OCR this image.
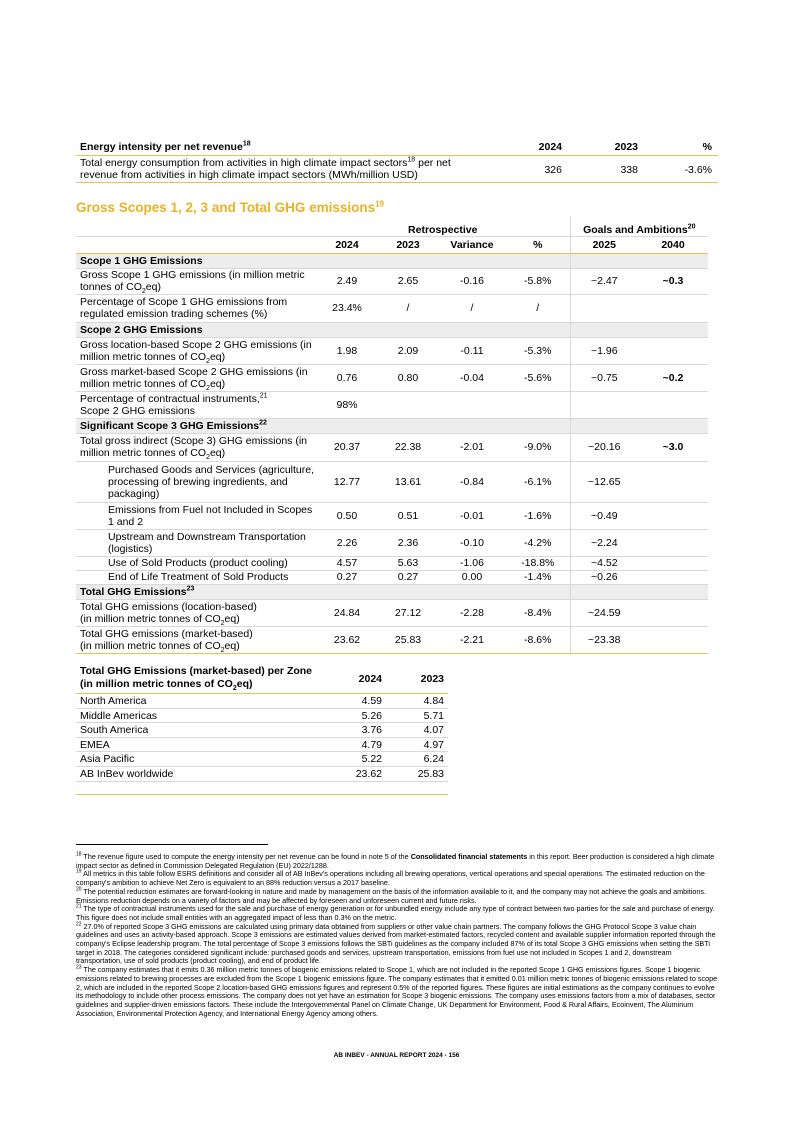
Energy intensity per net revenue$^{18}$	2024	2023	%
Total energy consumption from activities in high climate impact sectors$^{18}$ per net revenue from activities in high climate impact sectors (MWh/million USD)	326	338	-3.6%
Gross Scopes 1, 2, 3 and Total GHG emissions$^{19}$
	Retrospective				Goals and Ambitions$^{20}$
	2024	2023	Variance	%	2025	2040
Scope 1 GHG Emissions						
Gross Scope 1 GHG emissions (in million metric tonnes of $CO_2eq$)	2.49	2.65	-0.16	-5.8%	~2.47	~0.3
Percentage of Scope 1 GHG emissions from regulated emission trading schemes (%)	23.4%	/	/	/		
Scope 2 GHG Emissions						
Gross location-based Scope 2 GHG emissions (in million metric tonnes of $CO_2eq$)	1.98	2.09	-0.11	-5.3%	~1.96	
Gross market-based Scope 2 GHG emissions (in million metric tonnes of $CO_2eq$)	0.76	0.80	-0.04	-5.6%	~0.75	~0.2
Percentage of contractual instruments,$^{21}$
Scope 2 GHG emissions	98%					
Significant Scope 3 GHG Emissions$^{22}$	
Total gross indirect (Scope 3) GHG emissions (in million metric tonnes of $CO_2eq$)	20.37	22.38	-2.01	-9.0%	~20.16	~3.0
Purchased Goods and Services (agriculture, processing of brewing ingredients, and packaging)	12.77	13.61	-0.84	-6.1%	~12.65	
Emissions from Fuel not Included in Scopes 1 and 2	0.50	0.51	-0.01	-1.6%	~0.49	
Upstream and Downstream Transportation (logistics)	2.26	2.36	-0.10	-4.2%	~2.24	
Use of Sold Products (product cooling)	4.57	5.63	-1.06	-18.8%	~4.52	
End of Life Treatment of Sold Products	0.27	0.27	0.00	-1.4%	~0.26	
Total GHG Emissions$^{23}$	
Total GHG emissions (location-based)
(in million metric tonnes of $CO_2eq$)	24.84	27.12	-2.28	-8.4%	~24.59	
Total GHG emissions (market-based)
(in million metric tonnes of $CO_2eq$)	23.62	25.83	-2.21	-8.6%	~23.38	
Total GHG Emissions (market-based) per Zone
(in million metric tonnes of $CO_2eq$)	2024	2023
North America	4.59	4.84
Middle Americas	5.26	5.71
South America	3.76	4.07
EMEA	4.79	4.97
Asia Pacific	5.22	6.24
AB InBev worldwide	23.62	25.83

$^{18}$ The revenue figure used to compute the energy intensity per net revenue can be found in note 5 of the Consolidated financial statements in this report. Beer production is considered a high climate impact sector as defined in Commission Delegated Regulation (EU) 2022/1288.

$^{19}$ All metrics in this table follow ESRS definitions and consider all of AB InBev's operations including all brewing operations, vertical operations and special operations. The estimated reduction on the company's ambition to achieve Net Zero is equivalent to an 88% reduction versus a 2017 baseline.

$^{20}$ The potential reduction estimates are forward-looking in nature and made by management on the basis of the information available to it, and the company may not achieve the goals and ambitions. Emissions reduction depends on a variety of factors and may be affected by foreseen and unforeseen current and future risks.

$^{21}$ The type of contractual instruments used for the sale and purchase of energy generation or for unbundled energy include any type of contract between two parties for the sale and purchase of energy. This figure does not include small entities with an aggregated impact of less than 0.3% on the metric.

$^{22}$ 27.0% of reported Scope 3 GHG emissions are calculated using primary data obtained from suppliers or other value chain partners. The company follows the GHG Protocol Scope 3 value chain guidelines and uses an activity-based approach. Scope 3 emissions are estimated values derived from market-estimated factors, recycled content and available supplier information reported through the company's Eclipse leadership program. The total percentage of Scope 3 emissions follows the SBTi guidelines as the company included 87% of its total Scope 3 GHG emissions when setting the SBTi target in 2018. The categories considered significant include: purchased goods and services, upstream transportation, emissions from fuel use not included in Scopes 1 and 2, downstream transportation, use of sold products (product cooling), and end of product life.

$^{23}$ The company estimates that it emits 0.36 million metric tonnes of biogenic emissions related to Scope 1, which are not included in the reported Scope 1 GHG emissions figures. Scope 1 biogenic emissions related to brewing processes are excluded from the Scope 1 biogenic emissions figure. The company estimates that it emitted 0.01 million metric tonnes of biogenic emissions related to scope 2, which are included in the reported Scope 2 location-based GHG emissions figures and represent 0.5% of the reported figures. These figures are initial estimations as the company continues to evolve its methodology to include other process emissions. The company does not yet have an estimation for Scope 3 biogenic emissions. The company uses emissions factors from a mix of databases, sector guidelines and supplier-driven emissions factors. These include the Intergovernmental Panel on Climate Change, UK Department for Environment, Food & Rural Affairs, Ecoinvent, The Aluminum Association, Environmental Protection Agency, and International Energy Agency among others.

AB INBEV - ANNUAL REPORT 2024 - 156
